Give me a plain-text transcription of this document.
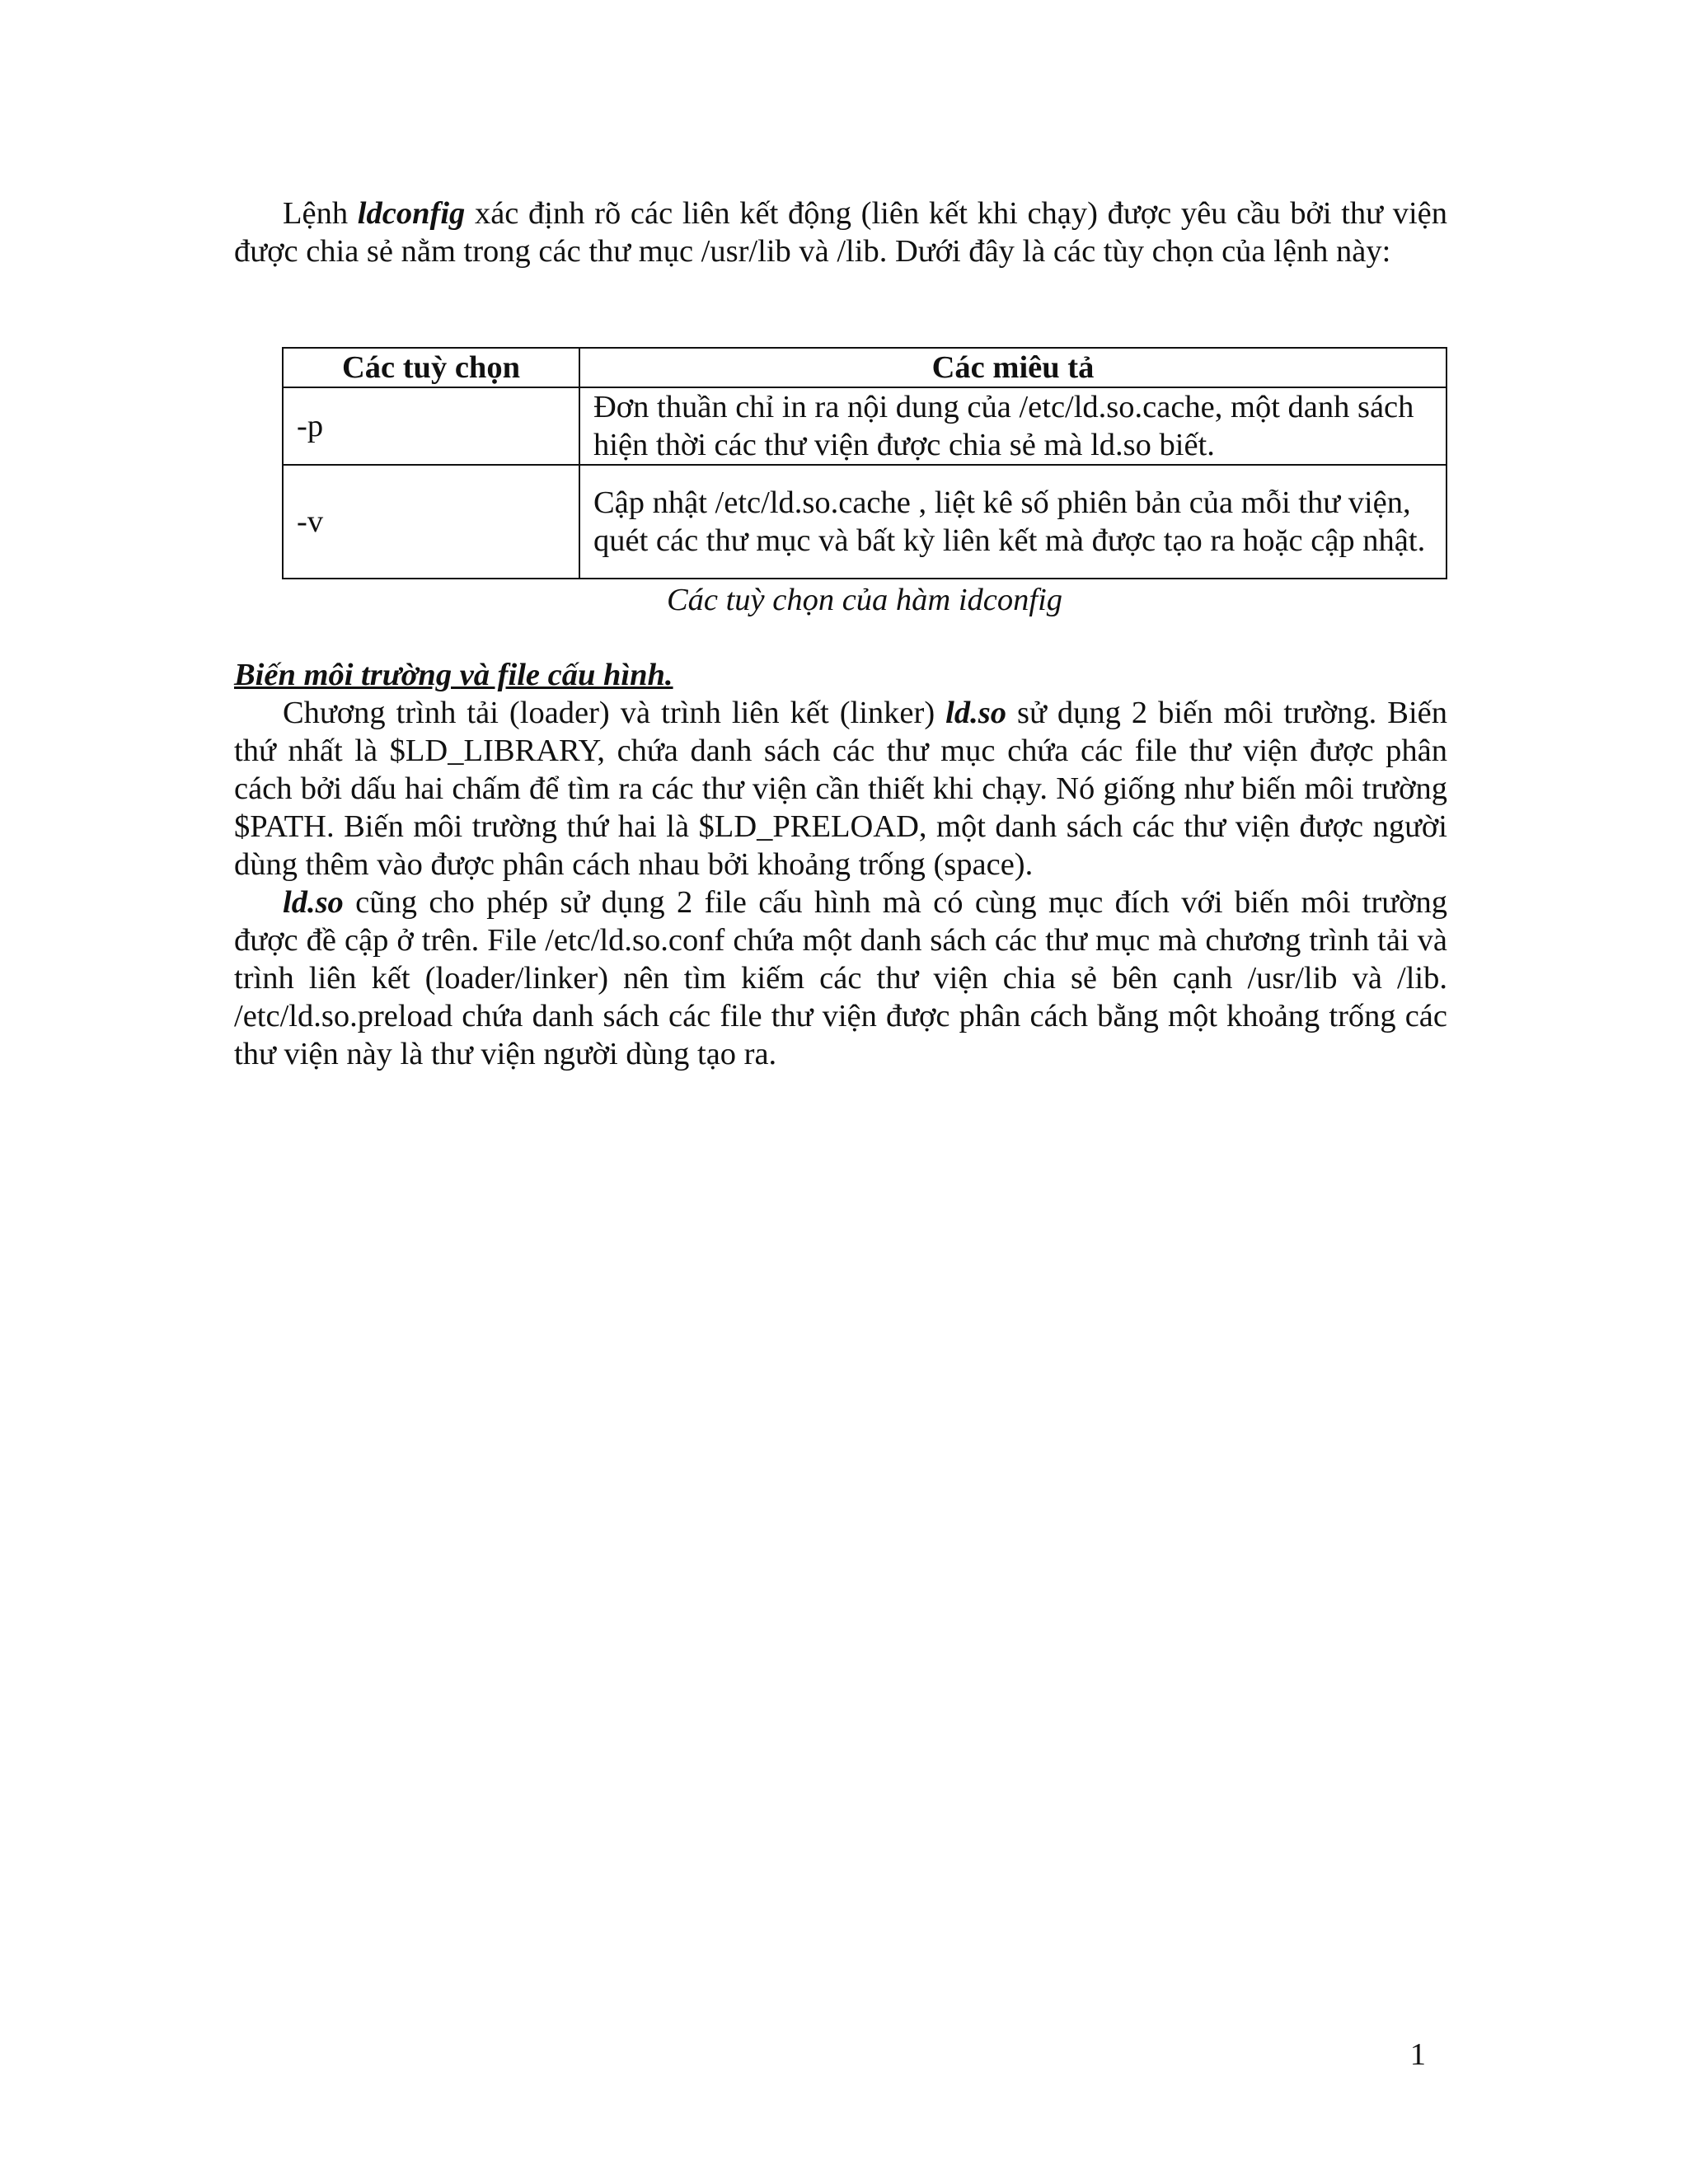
Lệnh ldconfig xác định rõ các liên kết động (liên kết khi chạy) được yêu cầu bởi thư viện được chia sẻ nằm trong các thư mục /usr/lib và /lib. Dưới đây là các tùy chọn của lệnh này:

Các tuỳ chọn	Các miêu tả
-p	Đơn thuần chỉ in ra nội dung của /etc/ld.so.cache, một danh sách hiện thời các thư viện được chia sẻ mà ld.so biết.
-v	Cập nhật /etc/ld.so.cache , liệt kê số phiên bản của mỗi thư viện, quét các thư mục và bất kỳ liên kết mà được tạo ra hoặc cập nhật.
Các tuỳ chọn của hàm idconfig
Biến môi trường và file cấu hình.

Chương trình tải (loader) và trình liên kết (linker) ld.so sử dụng 2 biến môi trường. Biến thứ nhất là $LD_LIBRARY, chứa danh sách các thư mục chứa các file thư viện được phân cách bởi dấu hai chấm để tìm ra các thư viện cần thiết khi chạy. Nó giống như biến môi trường $PATH. Biến môi trường thứ hai là $LD_PRELOAD, một danh sách các thư viện được người dùng thêm vào được phân cách nhau bởi khoảng trống (space).

ld.so cũng cho phép sử dụng 2 file cấu hình mà có cùng mục đích với biến môi trường được đề cập ở trên. File /etc/ld.so.conf chứa một danh sách các thư mục mà chương trình tải và trình liên kết (loader/linker) nên tìm kiếm các thư viện chia sẻ bên cạnh /usr/lib và /lib. /etc/ld.so.preload chứa danh sách các file thư viện được phân cách bằng một khoảng trống các thư viện này là thư viện người dùng tạo ra.

1
